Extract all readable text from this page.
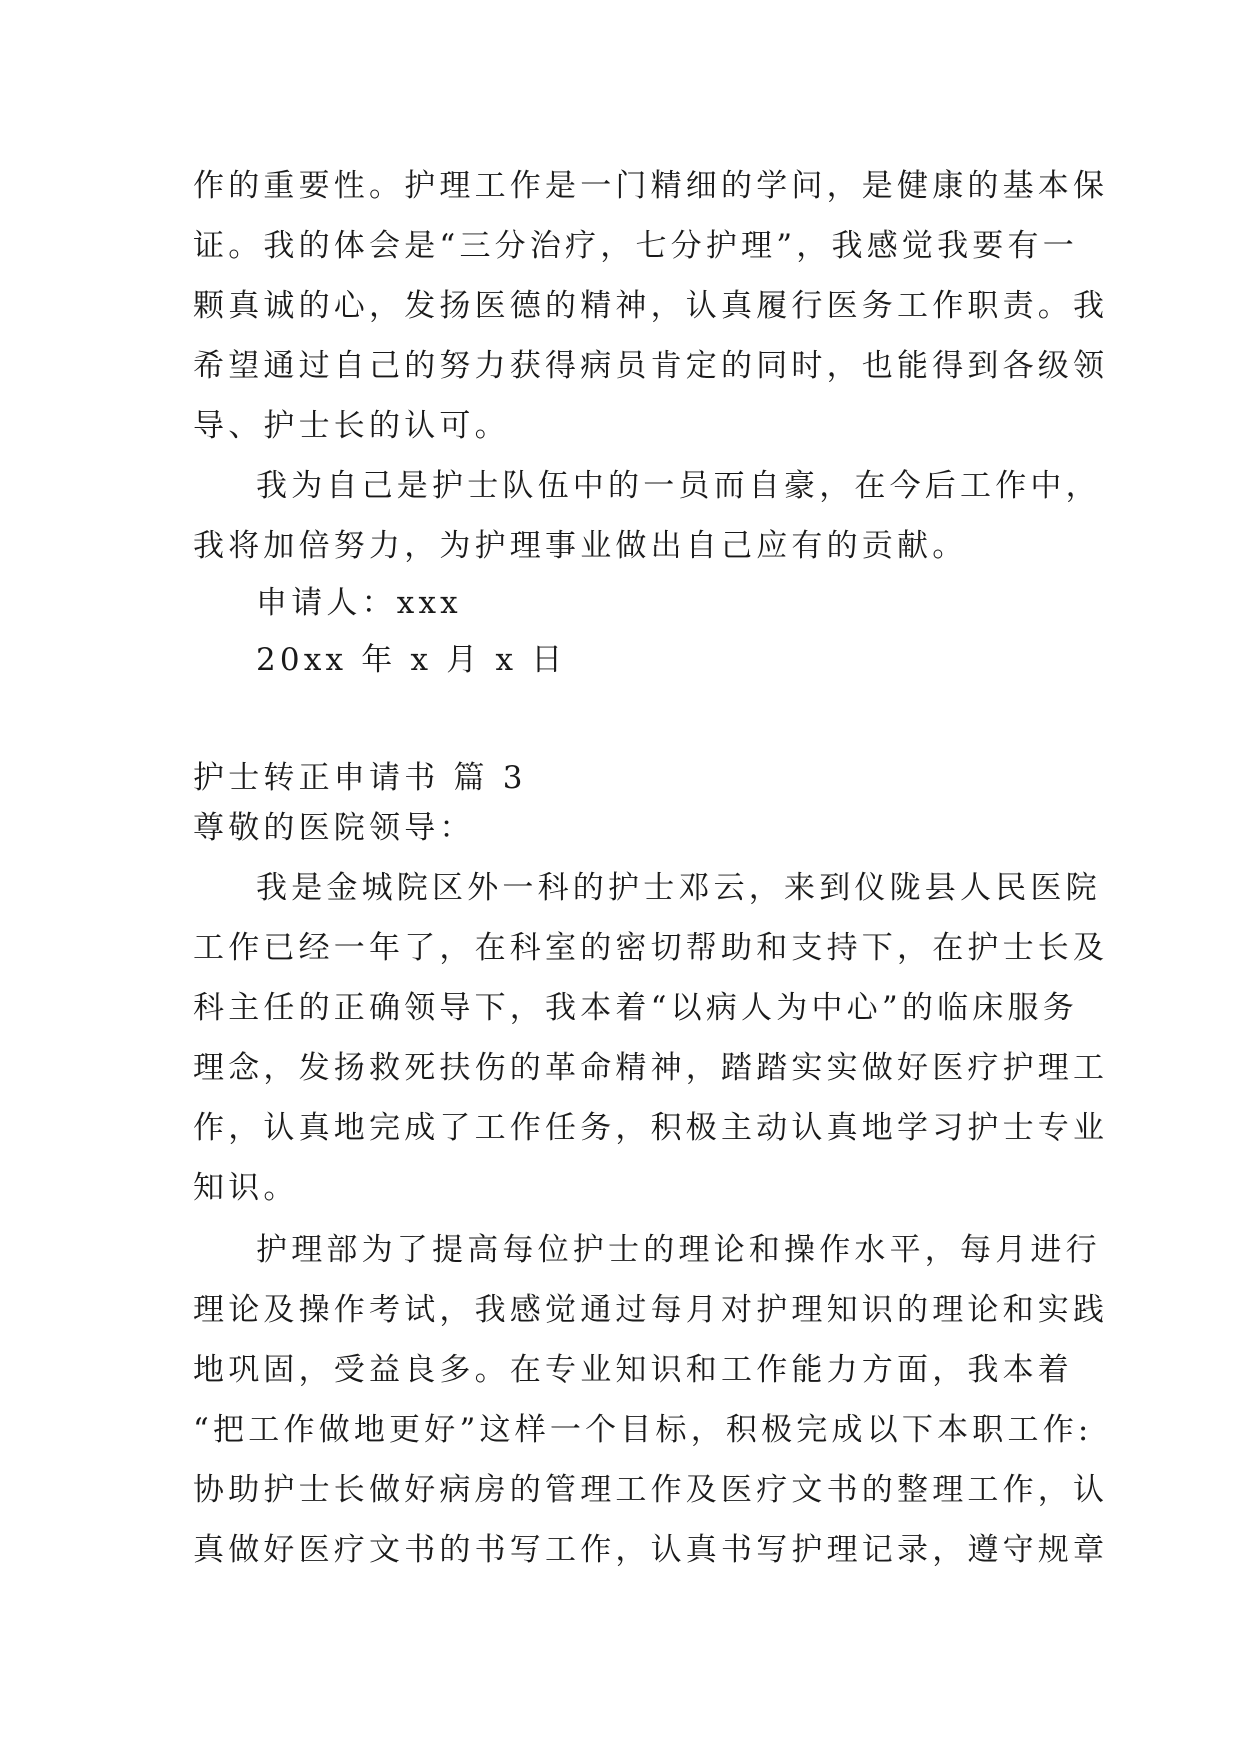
作的重要性。护理工作是一门精细的学问，是健康的基本保
证。我的体会是“三分治疗，七分护理”，我感觉我要有一
颗真诚的心，发扬医德的精神，认真履行医务工作职责。我
希望通过自己的努力获得病员肯定的同时，也能得到各级领
导、护士长的认可。
我为自己是护士队伍中的一员而自豪，在今后工作中，
我将加倍努力，为护理事业做出自己应有的贡献。
申请人：xxx
20xx 年 x 月 x 日
护士转正申请书 篇 3
尊敬的医院领导：
我是金城院区外一科的护士邓云，来到仪陇县人民医院
工作已经一年了，在科室的密切帮助和支持下，在护士长及
科主任的正确领导下，我本着“以病人为中心”的临床服务
理念，发扬救死扶伤的革命精神，踏踏实实做好医疗护理工
作，认真地完成了工作任务，积极主动认真地学习护士专业
知识。
护理部为了提高每位护士的理论和操作水平，每月进行
理论及操作考试，我感觉通过每月对护理知识的理论和实践
地巩固，受益良多。在专业知识和工作能力方面，我本着
“把工作做地更好”这样一个目标，积极完成以下本职工作:
协助护士长做好病房的管理工作及医疗文书的整理工作，认
真做好医疗文书的书写工作，认真书写护理记录，遵守规章
